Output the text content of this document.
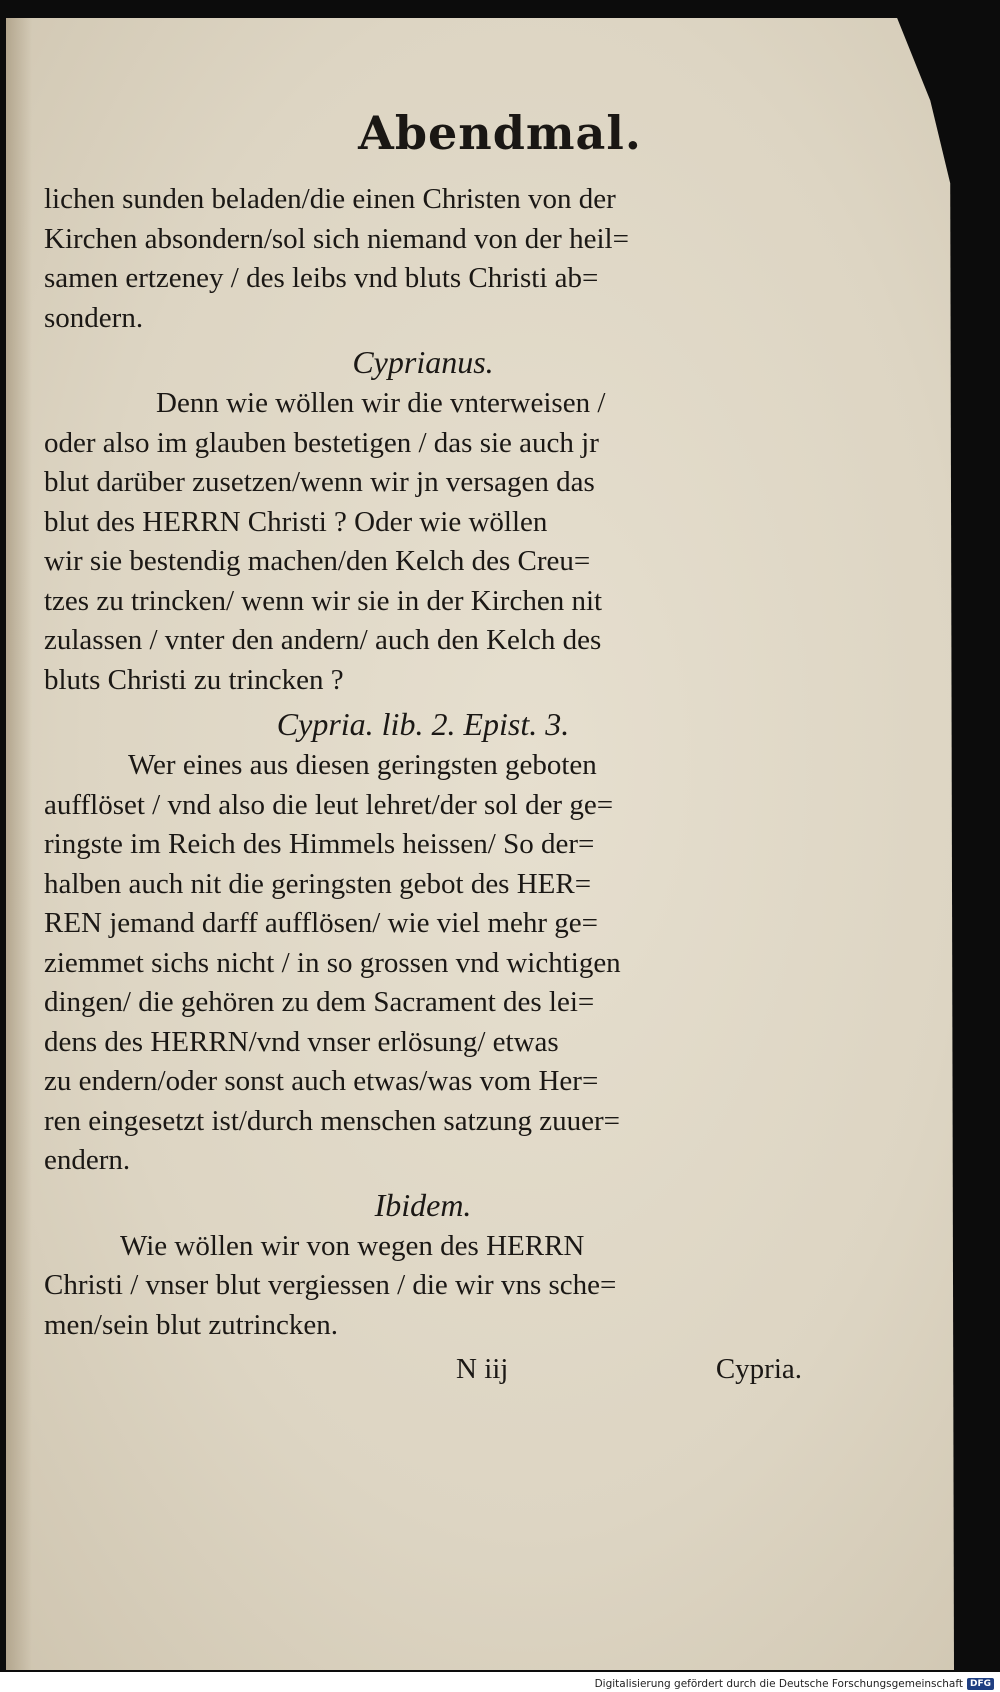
Abendmal.
lichen sunden beladen/die einen Christen von der
Kirchen absondern/sol sich niemand von der heil=
samen ertzeney / des leibs vnd bluts Christi ab=
sondern.
Cyprianus.
Denn wie wöllen wir die vnterweisen /
oder also im glauben bestetigen / das sie auch jr
blut darüber zusetzen/wenn wir jn versagen das
blut des HERRN Christi ? Oder wie wöllen
wir sie bestendig machen/den Kelch des Creu=
tzes zu trincken/ wenn wir sie in der Kirchen nit
zulassen / vnter den andern/ auch den Kelch des
bluts Christi zu trincken ?
Cypria. lib. 2. Epist. 3.
Wer eines aus diesen geringsten geboten
aufflöset / vnd also die leut lehret/der sol der ge=
ringste im Reich des Himmels heissen/ So der=
halben auch nit die geringsten gebot des HER=
REN jemand darff aufflösen/ wie viel mehr ge=
ziemmet sichs nicht / in so grossen vnd wichtigen
dingen/ die gehören zu dem Sacrament des lei=
dens des HERRN/vnd vnser erlösung/ etwas
zu endern/oder sonst auch etwas/was vom Her=
ren eingesetzt ist/durch menschen satzung zuuer=
endern.
Ibidem.
Wie wöllen wir von wegen des HERRN
Christi / vnser blut vergiessen / die wir vns sche=
men/sein blut zutrincken.
N iij	Cypria.
Digitalisierung gefördert durch die Deutsche Forschungsgemeinschaft DFG
